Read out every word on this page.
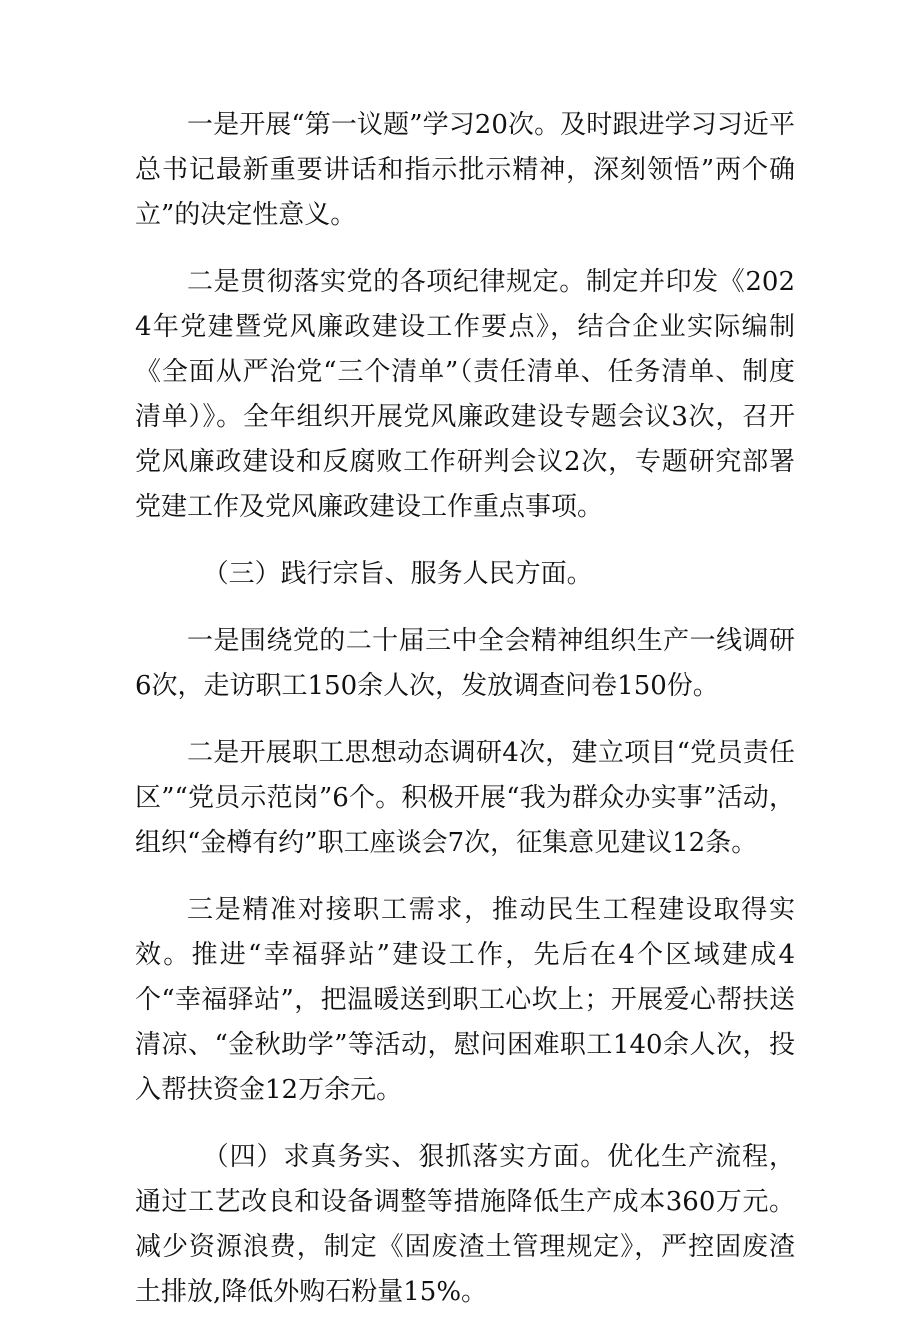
一是开展“第一议题”学习20次。及时跟进学习习近平总书记最新重要讲话和指示批示精神，深刻领悟”两个确立”的决定性意义。

二是贯彻落实党的各项纪律规定。制定并印发《2024年党建暨党风廉政建设工作要点》，结合企业实际编制《全面从严治党“三个清单”（责任清单、任务清单、制度清单）》。全年组织开展党风廉政建设专题会议3次，召开党风廉政建设和反腐败工作研判会议2次，专题研究部署党建工作及党风廉政建设工作重点事项。

（三）践行宗旨、服务人民方面。

一是围绕党的二十届三中全会精神组织生产一线调研6次，走访职工150余人次，发放调查问卷150份。

二是开展职工思想动态调研4次，建立项目“党员责任区”“党员示范岗”6个。积极开展“我为群众办实事”活动，组织“金樽有约”职工座谈会7次，征集意见建议12条。

三是精准对接职工需求，推动民生工程建设取得实效。推进“幸福驿站”建设工作，先后在4个区域建成4个“幸福驿站”，把温暖送到职工心坎上；开展爱心帮扶送清凉、“金秋助学”等活动，慰问困难职工140余人次，投入帮扶资金12万余元。

（四）求真务实、狠抓落实方面。优化生产流程，通过工艺改良和设备调整等措施降低生产成本360万元。减少资源浪费，制定《固废渣土管理规定》，严控固废渣土排放,降低外购石粉量15%。
